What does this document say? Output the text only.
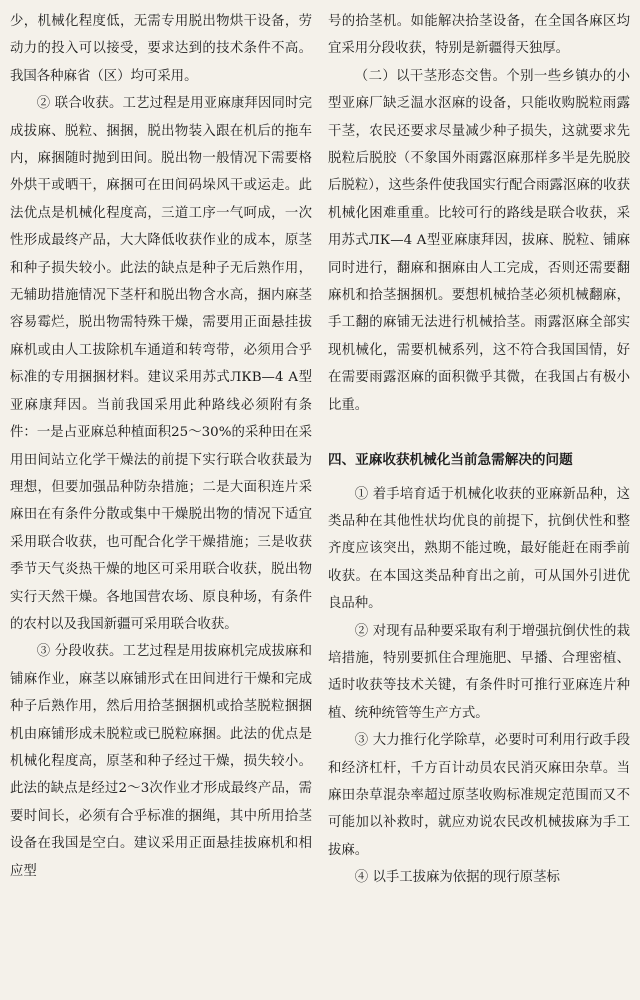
少，机械化程度低，无需专用脱出物烘干设备，劳动力的投入可以接受，要求达到的技术条件不高。我国各种麻省（区）均可采用。

② 联合收获。工艺过程是用亚麻康拜因同时完成拔麻、脱粒、捆捆，脱出物装入跟在机后的拖车内，麻捆随时抛到田间。脱出物一般情况下需要格外烘干或晒干，麻捆可在田间码垛风干或运走。此法优点是机械化程度高，三道工序一气呵成，一次性形成最终产品，大大降低收获作业的成本，原茎和种子损失较小。此法的缺点是种子无后熟作用，无辅助措施情况下茎杆和脱出物含水高，捆内麻茎容易霉烂，脱出物需特殊干燥，需要用正面悬挂拔麻机或由人工拔除机车通道和转弯带，必须用合乎标准的专用捆捆材料。建议采用苏式ЛКВ—4 А型亚麻康拜因。当前我国采用此种路线必须附有条件：一是占亚麻总种植面积25～30%的采种田在采用田间站立化学干燥法的前提下实行联合收获最为理想，但要加强品种防杂措施；二是大面积连片采麻田在有条件分散或集中干燥脱出物的情况下适宜采用联合收获，也可配合化学干燥措施；三是收获季节天气炎热干燥的地区可采用联合收获，脱出物实行天然干燥。各地国营农场、原良种场，有条件的农村以及我国新疆可采用联合收获。

③ 分段收获。工艺过程是用拔麻机完成拔麻和铺麻作业，麻茎以麻铺形式在田间进行干燥和完成种子后熟作用，然后用拾茎捆捆机或拾茎脱粒捆捆机由麻铺形成未脱粒或已脱粒麻捆。此法的优点是机械化程度高，原茎和种子经过干燥，损失较小。此法的缺点是经过2～3次作业才形成最终产品，需要时间长，必须有合乎标准的捆绳，其中所用拾茎设备在我国是空白。建议采用正面悬挂拔麻机和相应型

号的拾茎机。如能解决拾茎设备，在全国各麻区均宜采用分段收获，特别是新疆得天独厚。

（二）以干茎形态交售。个别一些乡镇办的小型亚麻厂缺乏温水沤麻的设备，只能收购脱粒雨露干茎，农民还要求尽量减少种子损失，这就要求先脱粒后脱胶（不象国外雨露沤麻那样多半是先脱胶后脱粒），这些条件使我国实行配合雨露沤麻的收获机械化困难重重。比较可行的路线是联合收获，采用苏式ЛК—4 А型亚麻康拜因，拔麻、脱粒、铺麻同时进行，翻麻和捆麻由人工完成，否则还需要翻麻机和拾茎捆捆机。要想机械拾茎必须机械翻麻，手工翻的麻铺无法进行机械拾茎。雨露沤麻全部实现机械化，需要机械系列，这不符合我国国情，好在需要雨露沤麻的面积微乎其微，在我国占有极小比重。

四、亚麻收获机械化当前急需解决的问题

① 着手培育适于机械化收获的亚麻新品种，这类品种在其他性状均优良的前提下，抗倒伏性和整齐度应该突出，熟期不能过晚，最好能赶在雨季前收获。在本国这类品种育出之前，可从国外引进优良品种。

② 对现有品种要采取有利于增强抗倒伏性的栽培措施，特别要抓住合理施肥、早播、合理密植、适时收获等技术关键，有条件时可推行亚麻连片种植、统种统管等生产方式。

③ 大力推行化学除草，必要时可利用行政手段和经济杠杆，千方百计动员农民消灭麻田杂草。当麻田杂草混杂率超过原茎收购标准规定范围而又不可能加以补救时，就应劝说农民改机械拔麻为手工拔麻。

④ 以手工拔麻为依据的现行原茎标
